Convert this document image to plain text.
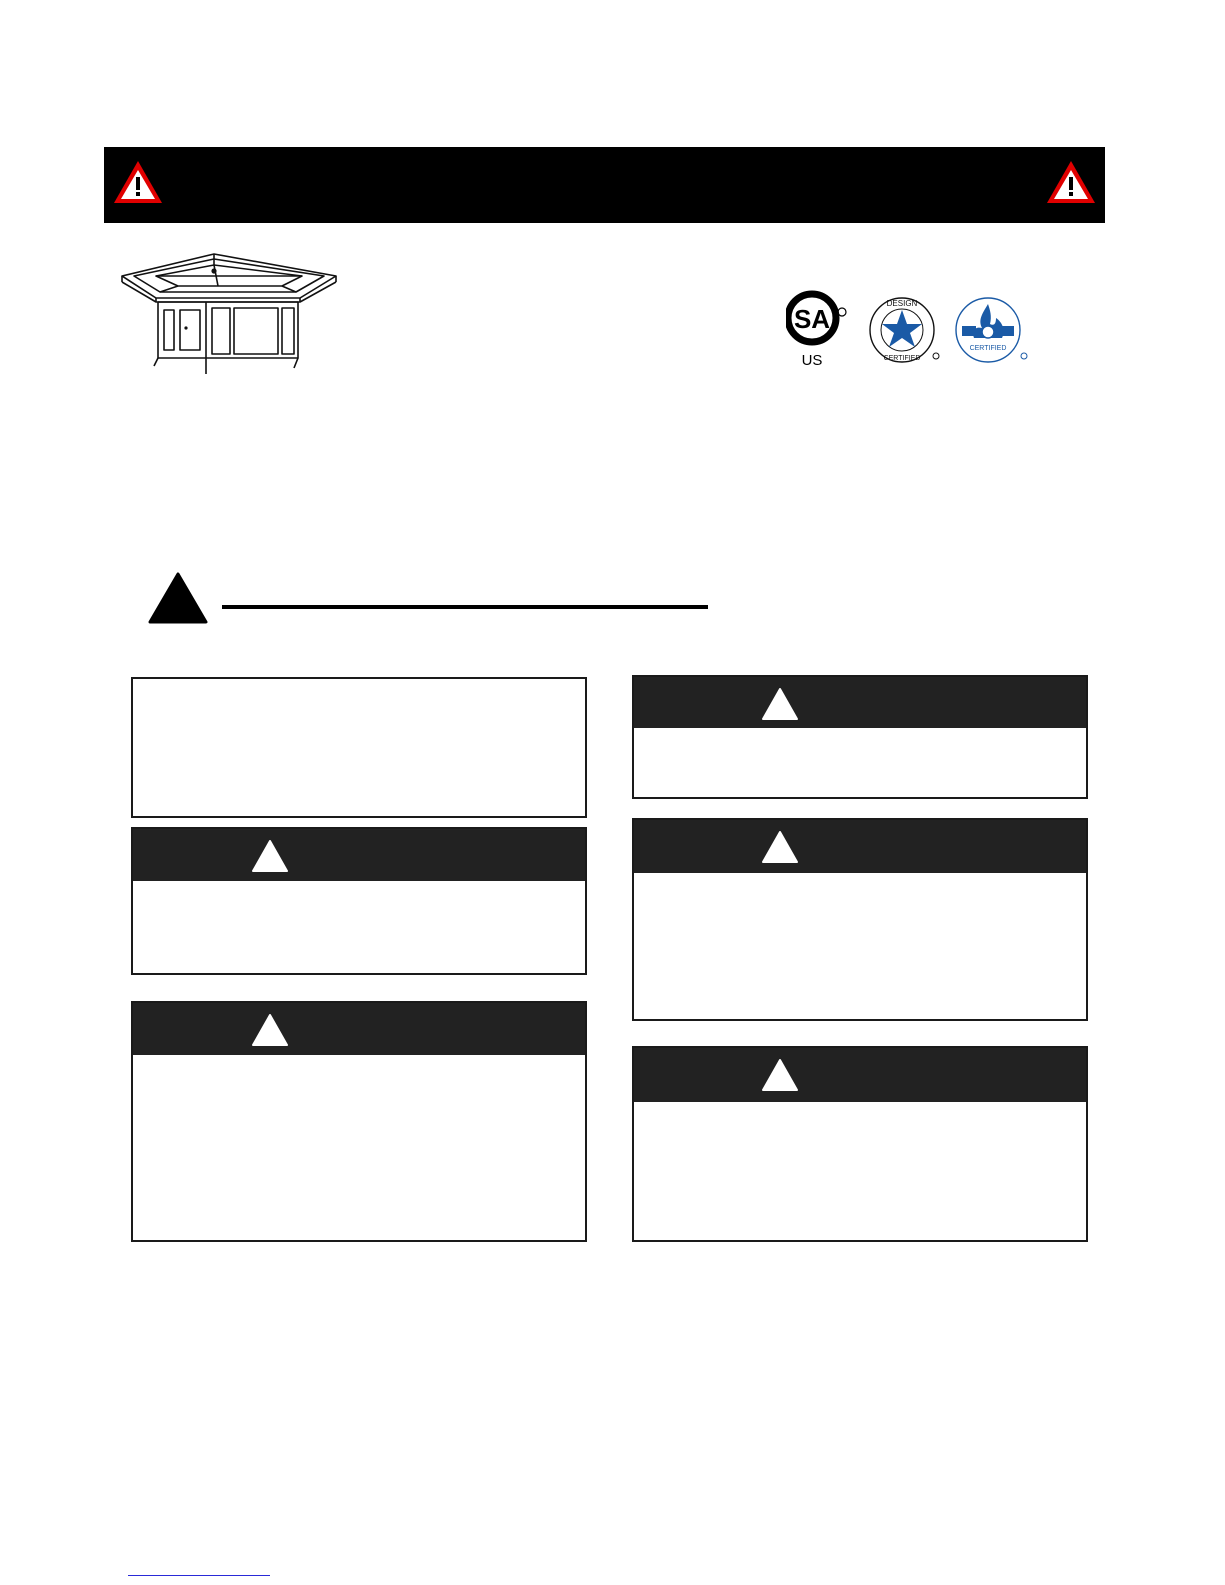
SA
US
DESIGN
CERTIFIED
CERTIFIED
